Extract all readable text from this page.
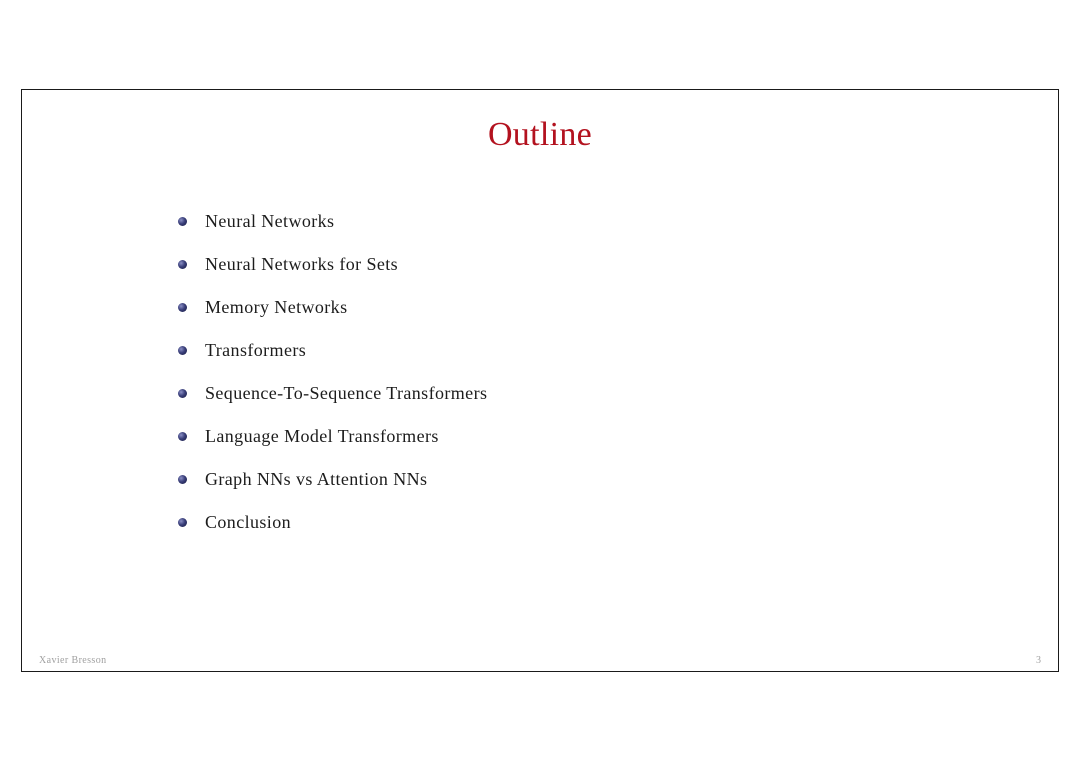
Outline
Neural Networks
Neural Networks for Sets
Memory Networks
Transformers
Sequence-To-Sequence Transformers
Language Model Transformers
Graph NNs vs Attention NNs
Conclusion
Xavier Bresson	3
